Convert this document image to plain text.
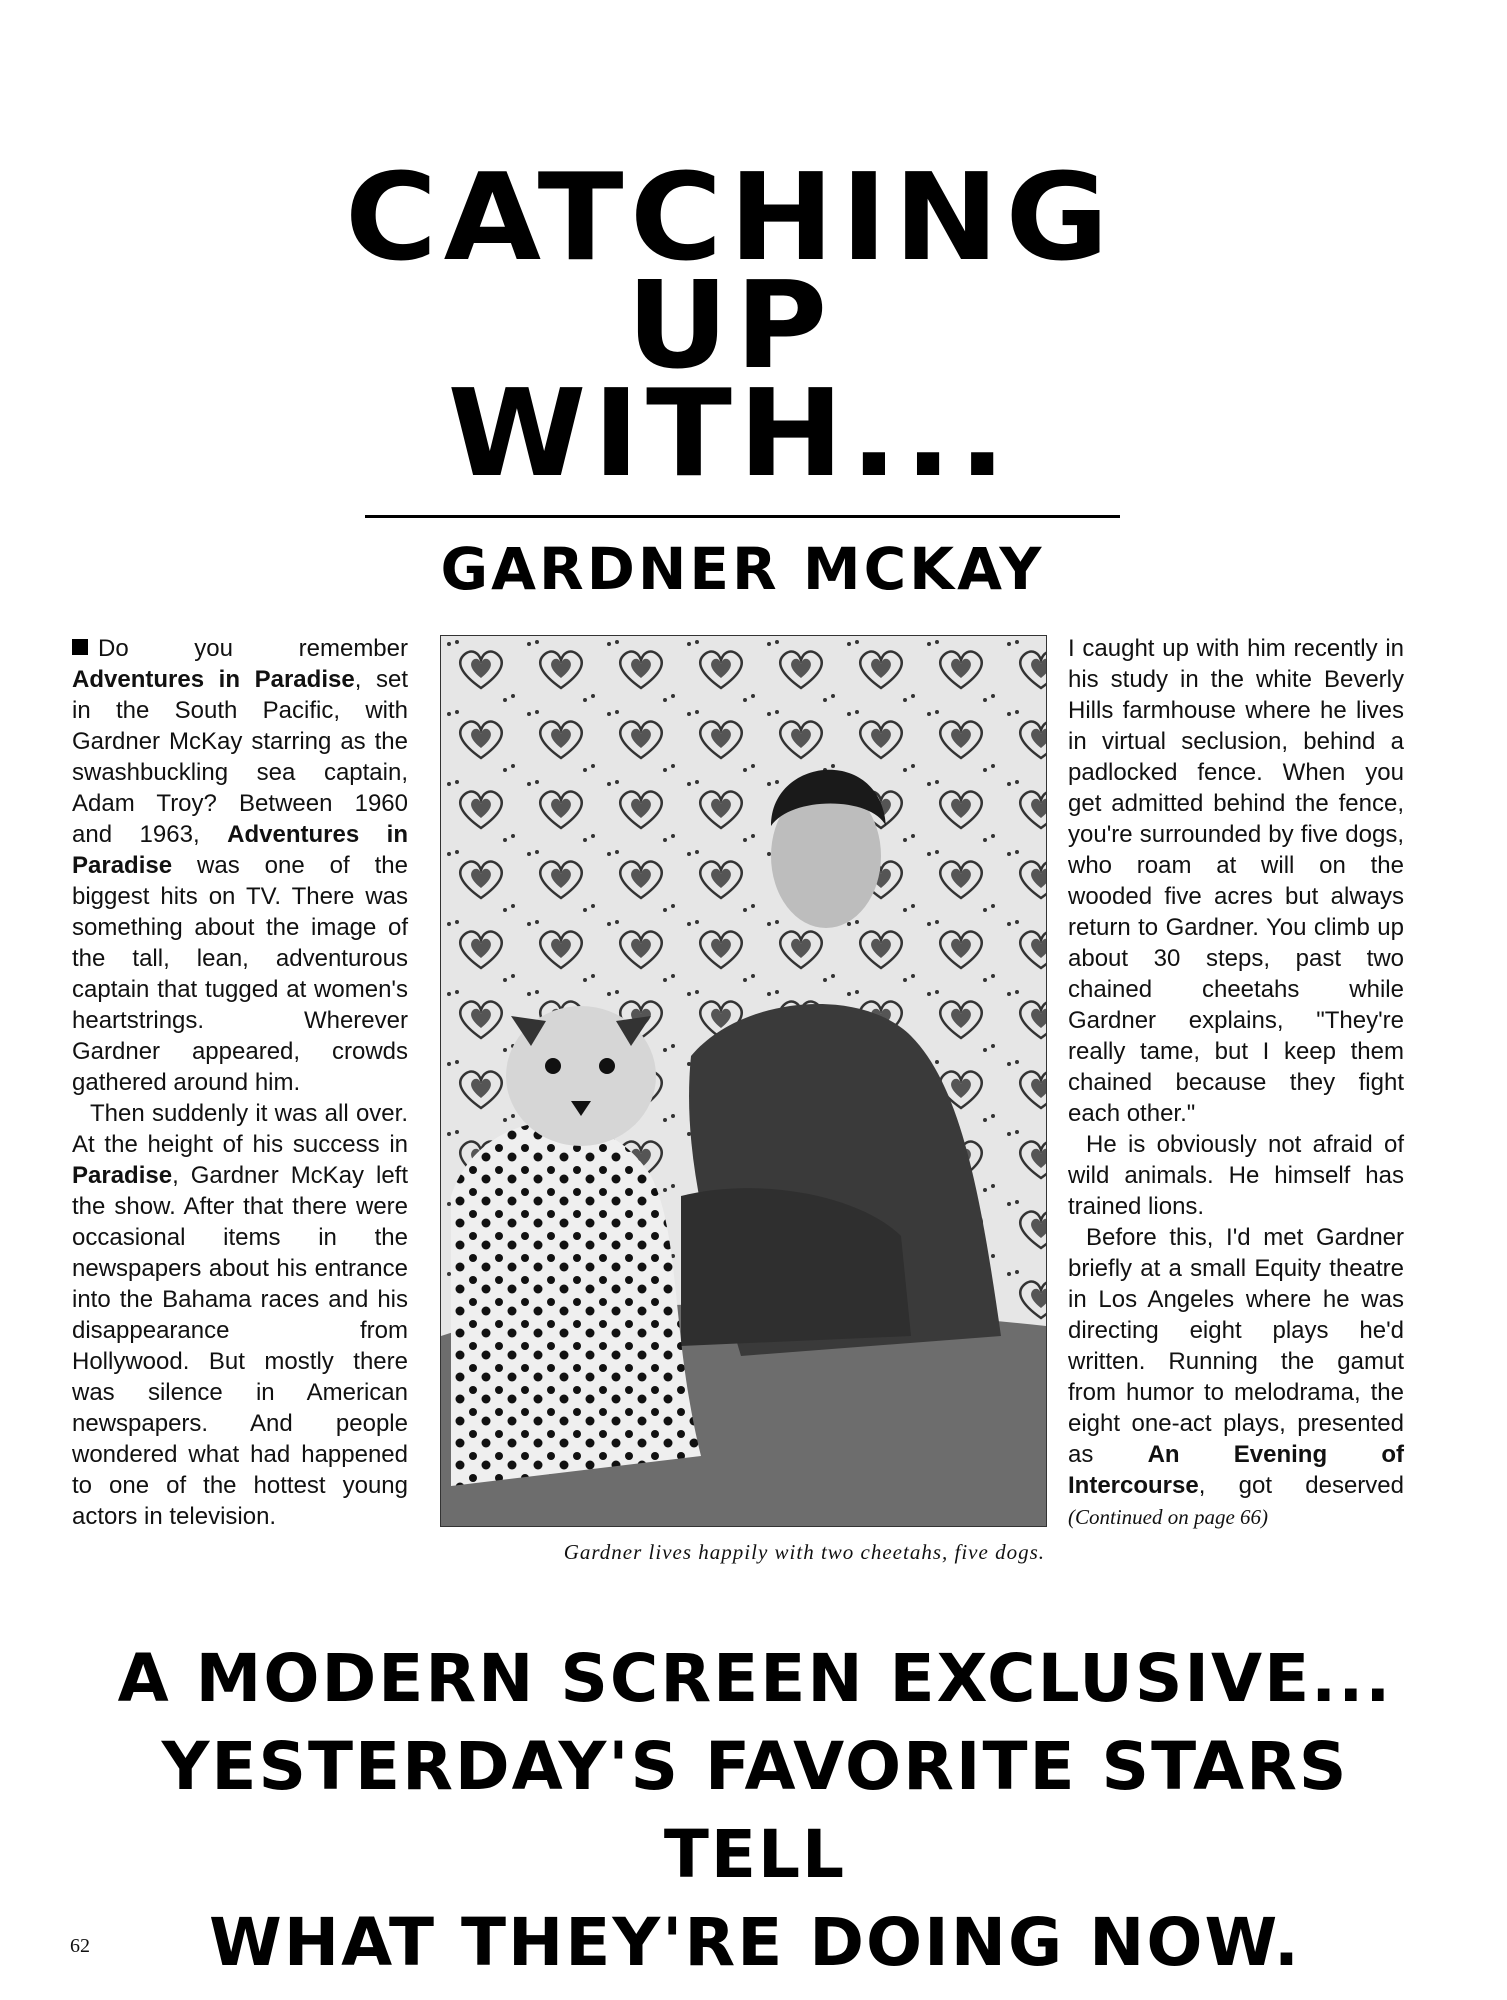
CATCHING
UP
WITH...
GARDNER MCKAY

Do you remember Adventures in Paradise, set in the South Pacific, with Gardner McKay starring as the swashbuckling sea captain, Adam Troy? Between 1960 and 1963, Adventures in Paradise was one of the biggest hits on TV. There was something about the image of the tall, lean, adventurous captain that tugged at women's heartstrings. Wherever Gardner appeared, crowds gathered around him.

Then suddenly it was all over. At the height of his success in Paradise, Gardner McKay left the show. After that there were occasional items in the newspapers about his entrance into the Bahama races and his disappearance from Hollywood. But mostly there was silence in American newspapers. And people wondered what had happened to one of the hottest young actors in television.

Gardner lives happily with two cheetahs, five dogs.

I caught up with him recently in his study in the white Beverly Hills farmhouse where he lives in virtual seclusion, behind a padlocked fence. When you get admitted behind the fence, you're surrounded by five dogs, who roam at will on the wooded five acres but always return to Gardner. You climb up about 30 steps, past two chained cheetahs while Gardner explains, "They're really tame, but I keep them chained because they fight each other."

He is obviously not afraid of wild animals. He himself has trained lions.

Before this, I'd met Gardner briefly at a small Equity theatre in Los Angeles where he was directing eight plays he'd written. Running the gamut from humor to melodrama, the eight one-act plays, presented as An Evening of Intercourse, got deserved (Continued on page 66)

A MODERN SCREEN EXCLUSIVE...
YESTERDAY'S FAVORITE STARS TELL
WHAT THEY'RE DOING NOW.
62
